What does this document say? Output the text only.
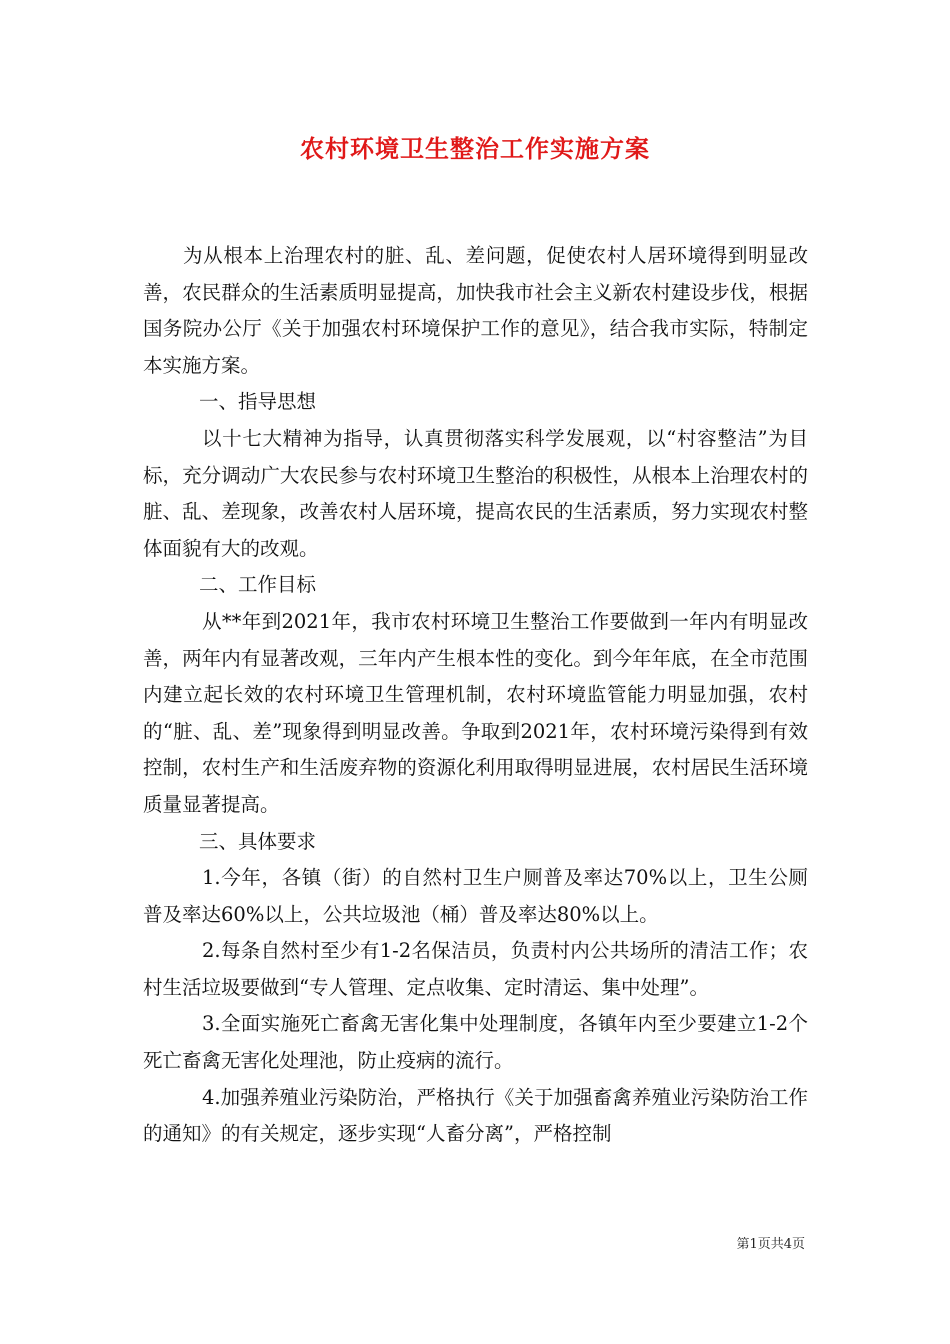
农村环境卫生整治工作实施方案

为从根本上治理农村的脏、乱、差问题，促使农村人居环境得到明显改善，农民群众的生活素质明显提高，加快我市社会主义新农村建设步伐，根据国务院办公厅《关于加强农村环境保护工作的意见》，结合我市实际，特制定本实施方案。

一、指导思想

以十七大精神为指导，认真贯彻落实科学发展观，以“村容整洁”为目标，充分调动广大农民参与农村环境卫生整治的积极性，从根本上治理农村的脏、乱、差现象，改善农村人居环境，提高农民的生活素质，努力实现农村整体面貌有大的改观。

二、工作目标

从**年到2021年，我市农村环境卫生整治工作要做到一年内有明显改善，两年内有显著改观，三年内产生根本性的变化。到今年年底，在全市范围内建立起长效的农村环境卫生管理机制，农村环境监管能力明显加强，农村的“脏、乱、差”现象得到明显改善。争取到2021年，农村环境污染得到有效控制，农村生产和生活废弃物的资源化利用取得明显进展，农村居民生活环境质量显著提高。

三、具体要求

1.今年，各镇（街）的自然村卫生户厕普及率达70%以上，卫生公厕普及率达60%以上，公共垃圾池（桶）普及率达80%以上。

2.每条自然村至少有1-2名保洁员，负责村内公共场所的清洁工作；农村生活垃圾要做到“专人管理、定点收集、定时清运、集中处理”。

3.全面实施死亡畜禽无害化集中处理制度，各镇年内至少要建立1-2个死亡畜禽无害化处理池，防止疫病的流行。

4.加强养殖业污染防治，严格执行《关于加强畜禽养殖业污染防治工作的通知》的有关规定，逐步实现“人畜分离”，严格控制

第1页共4页
